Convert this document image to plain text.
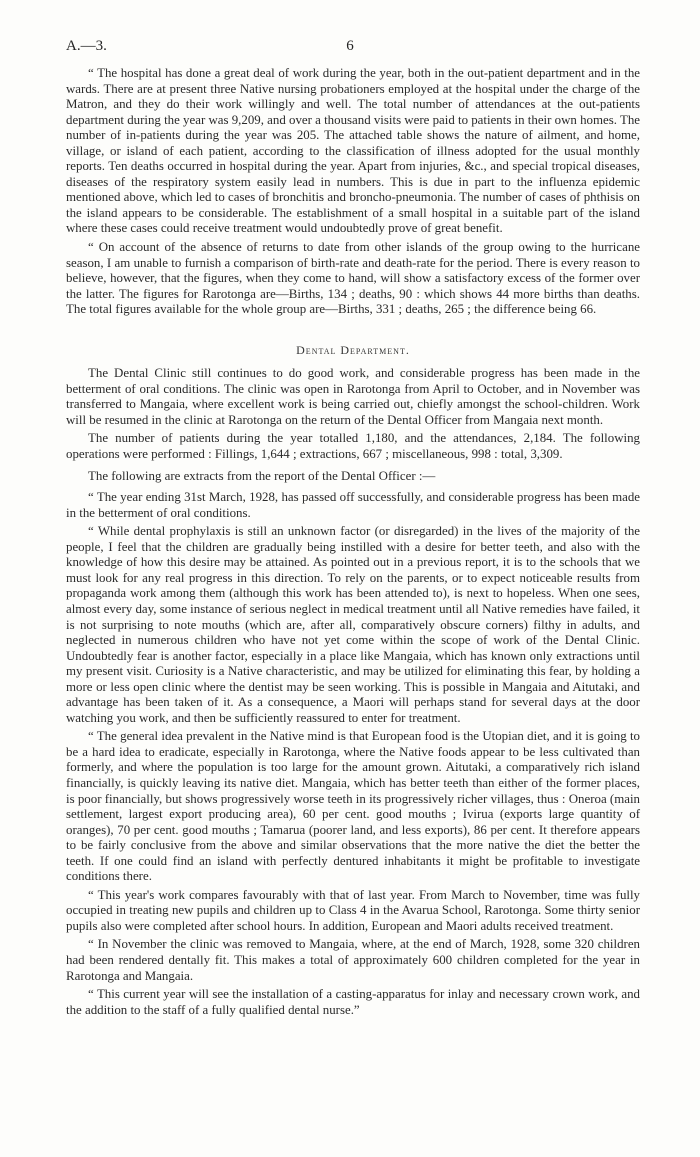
A.—3.	6

“ The hospital has done a great deal of work during the year, both in the out-patient department and in the wards. There are at present three Native nursing probationers employed at the hospital under the charge of the Matron, and they do their work willingly and well. The total number of attendances at the out-patients department during the year was 9,209, and over a thousand visits were paid to patients in their own homes. The number of in-patients during the year was 205. The attached table shows the nature of ailment, and home, village, or island of each patient, according to the classification of illness adopted for the usual monthly reports. Ten deaths occurred in hospital during the year. Apart from injuries, &c., and special tropical diseases, diseases of the respiratory system easily lead in numbers. This is due in part to the influenza epidemic mentioned above, which led to cases of bronchitis and broncho-pneumonia. The number of cases of phthisis on the island appears to be considerable. The establishment of a small hospital in a suitable part of the island where these cases could receive treatment would undoubtedly prove of great benefit.

“ On account of the absence of returns to date from other islands of the group owing to the hurricane season, I am unable to furnish a comparison of birth-rate and death-rate for the period. There is every reason to believe, however, that the figures, when they come to hand, will show a satisfactory excess of the former over the latter. The figures for Rarotonga are—Births, 134 ; deaths, 90 : which shows 44 more births than deaths. The total figures available for the whole group are—Births, 331 ; deaths, 265 ; the difference being 66.

Dental Department.

The Dental Clinic still continues to do good work, and considerable progress has been made in the betterment of oral conditions. The clinic was open in Rarotonga from April to October, and in November was transferred to Mangaia, where excellent work is being carried out, chiefly amongst the school-children. Work will be resumed in the clinic at Rarotonga on the return of the Dental Officer from Mangaia next month.

The number of patients during the year totalled 1,180, and the attendances, 2,184. The following operations were performed : Fillings, 1,644 ; extractions, 667 ; miscellaneous, 998 : total, 3,309.

The following are extracts from the report of the Dental Officer :—

“ The year ending 31st March, 1928, has passed off successfully, and considerable progress has been made in the betterment of oral conditions.

“ While dental prophylaxis is still an unknown factor (or disregarded) in the lives of the majority of the people, I feel that the children are gradually being instilled with a desire for better teeth, and also with the knowledge of how this desire may be attained. As pointed out in a previous report, it is to the schools that we must look for any real progress in this direction. To rely on the parents, or to expect noticeable results from propaganda work among them (although this work has been attended to), is next to hopeless. When one sees, almost every day, some instance of serious neglect in medical treatment until all Native remedies have failed, it is not surprising to note mouths (which are, after all, comparatively obscure corners) filthy in adults, and neglected in numerous children who have not yet come within the scope of work of the Dental Clinic. Undoubtedly fear is another factor, especially in a place like Mangaia, which has known only extractions until my present visit. Curiosity is a Native characteristic, and may be utilized for eliminating this fear, by holding a more or less open clinic where the dentist may be seen working. This is possible in Mangaia and Aitutaki, and advantage has been taken of it. As a consequence, a Maori will perhaps stand for several days at the door watching you work, and then be sufficiently reassured to enter for treatment.

“ The general idea prevalent in the Native mind is that European food is the Utopian diet, and it is going to be a hard idea to eradicate, especially in Rarotonga, where the Native foods appear to be less cultivated than formerly, and where the population is too large for the amount grown. Aitutaki, a comparatively rich island financially, is quickly leaving its native diet. Mangaia, which has better teeth than either of the former places, is poor financially, but shows progressively worse teeth in its progressively richer villages, thus : Oneroa (main settlement, largest export producing area), 60 per cent. good mouths ; Ivirua (exports large quantity of oranges), 70 per cent. good mouths ; Tamarua (poorer land, and less exports), 86 per cent. It therefore appears to be fairly conclusive from the above and similar observations that the more native the diet the better the teeth. If one could find an island with perfectly dentured inhabitants it might be profitable to investigate conditions there.

“ This year's work compares favourably with that of last year. From March to November, time was fully occupied in treating new pupils and children up to Class 4 in the Avarua School, Rarotonga. Some thirty senior pupils also were completed after school hours. In addition, European and Maori adults received treatment.

“ In November the clinic was removed to Mangaia, where, at the end of March, 1928, some 320 children had been rendered dentally fit. This makes a total of approximately 600 children completed for the year in Rarotonga and Mangaia.

“ This current year will see the installation of a casting-apparatus for inlay and necessary crown work, and the addition to the staff of a fully qualified dental nurse.”
